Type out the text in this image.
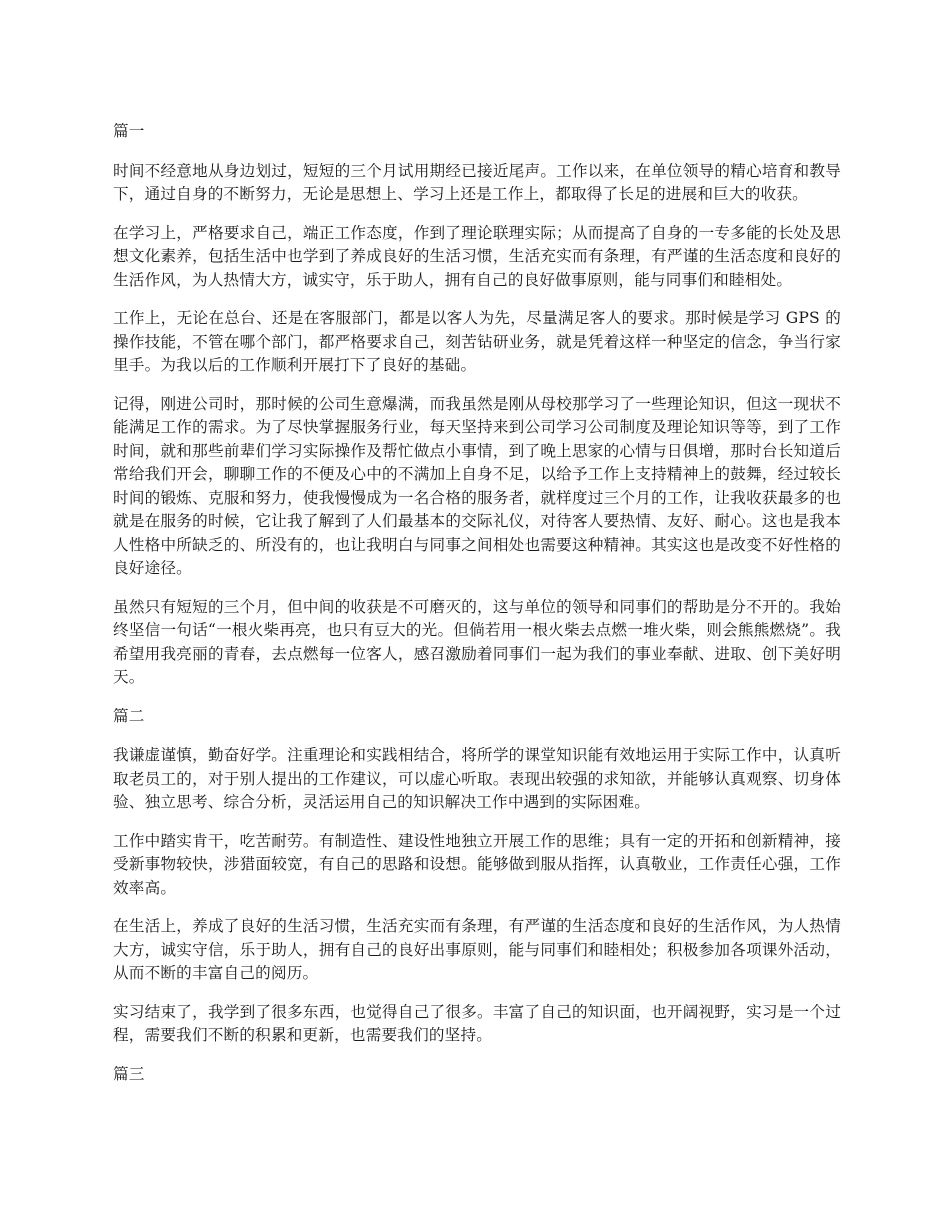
篇一

时间不经意地从身边划过，短短的三个月试用期经已接近尾声。工作以来，在单位领导的精心培育和教导下，通过自身的不断努力，无论是思想上、学习上还是工作上，都取得了长足的进展和巨大的收获。

在学习上，严格要求自己，端正工作态度，作到了理论联理实际；从而提高了自身的一专多能的长处及思想文化素养，包括生活中也学到了养成良好的生活习惯，生活充实而有条理，有严谨的生活态度和良好的生活作风，为人热情大方，诚实守，乐于助人，拥有自己的良好做事原则，能与同事们和睦相处。

工作上，无论在总台、还是在客服部门，都是以客人为先，尽量满足客人的要求。那时候是学习 GPS 的操作技能，不管在哪个部门，都严格要求自己，刻苦钻研业务，就是凭着这样一种坚定的信念，争当行家里手。为我以后的工作顺利开展打下了良好的基础。

记得，刚进公司时，那时候的公司生意爆满，而我虽然是刚从母校那学习了一些理论知识，但这一现状不能满足工作的需求。为了尽快掌握服务行业，每天坚持来到公司学习公司制度及理论知识等等，到了工作时间，就和那些前辈们学习实际操作及帮忙做点小事情，到了晚上思家的心情与日俱增，那时台长知道后常给我们开会，聊聊工作的不便及心中的不满加上自身不足，以给予工作上支持精神上的鼓舞，经过较长时间的锻炼、克服和努力，使我慢慢成为一名合格的服务者，就样度过三个月的工作，让我收获最多的也就是在服务的时候，它让我了解到了人们最基本的交际礼仪，对待客人要热情、友好、耐心。这也是我本人性格中所缺乏的、所没有的，也让我明白与同事之间相处也需要这种精神。其实这也是改变不好性格的良好途径。

虽然只有短短的三个月，但中间的收获是不可磨灭的，这与单位的领导和同事们的帮助是分不开的。我始终坚信一句话“一根火柴再亮，也只有豆大的光。但倘若用一根火柴去点燃一堆火柴，则会熊熊燃烧”。我希望用我亮丽的青春，去点燃每一位客人，感召激励着同事们一起为我们的事业奉献、进取、创下美好明天。

篇二

我谦虚谨慎，勤奋好学。注重理论和实践相结合，将所学的课堂知识能有效地运用于实际工作中，认真听取老员工的，对于别人提出的工作建议，可以虚心听取。表现出较强的求知欲，并能够认真观察、切身体验、独立思考、综合分析，灵活运用自己的知识解决工作中遇到的实际困难。

工作中踏实肯干，吃苦耐劳。有制造性、建设性地独立开展工作的思维；具有一定的开拓和创新精神，接受新事物较快，涉猎面较宽，有自己的思路和设想。能够做到服从指挥，认真敬业，工作责任心强，工作效率高。

在生活上，养成了良好的生活习惯，生活充实而有条理，有严谨的生活态度和良好的生活作风，为人热情大方，诚实守信，乐于助人，拥有自己的良好出事原则，能与同事们和睦相处；积极参加各项课外活动，从而不断的丰富自己的阅历。

实习结束了，我学到了很多东西，也觉得自己了很多。丰富了自己的知识面，也开阔视野，实习是一个过程，需要我们不断的积累和更新，也需要我们的坚持。

篇三
